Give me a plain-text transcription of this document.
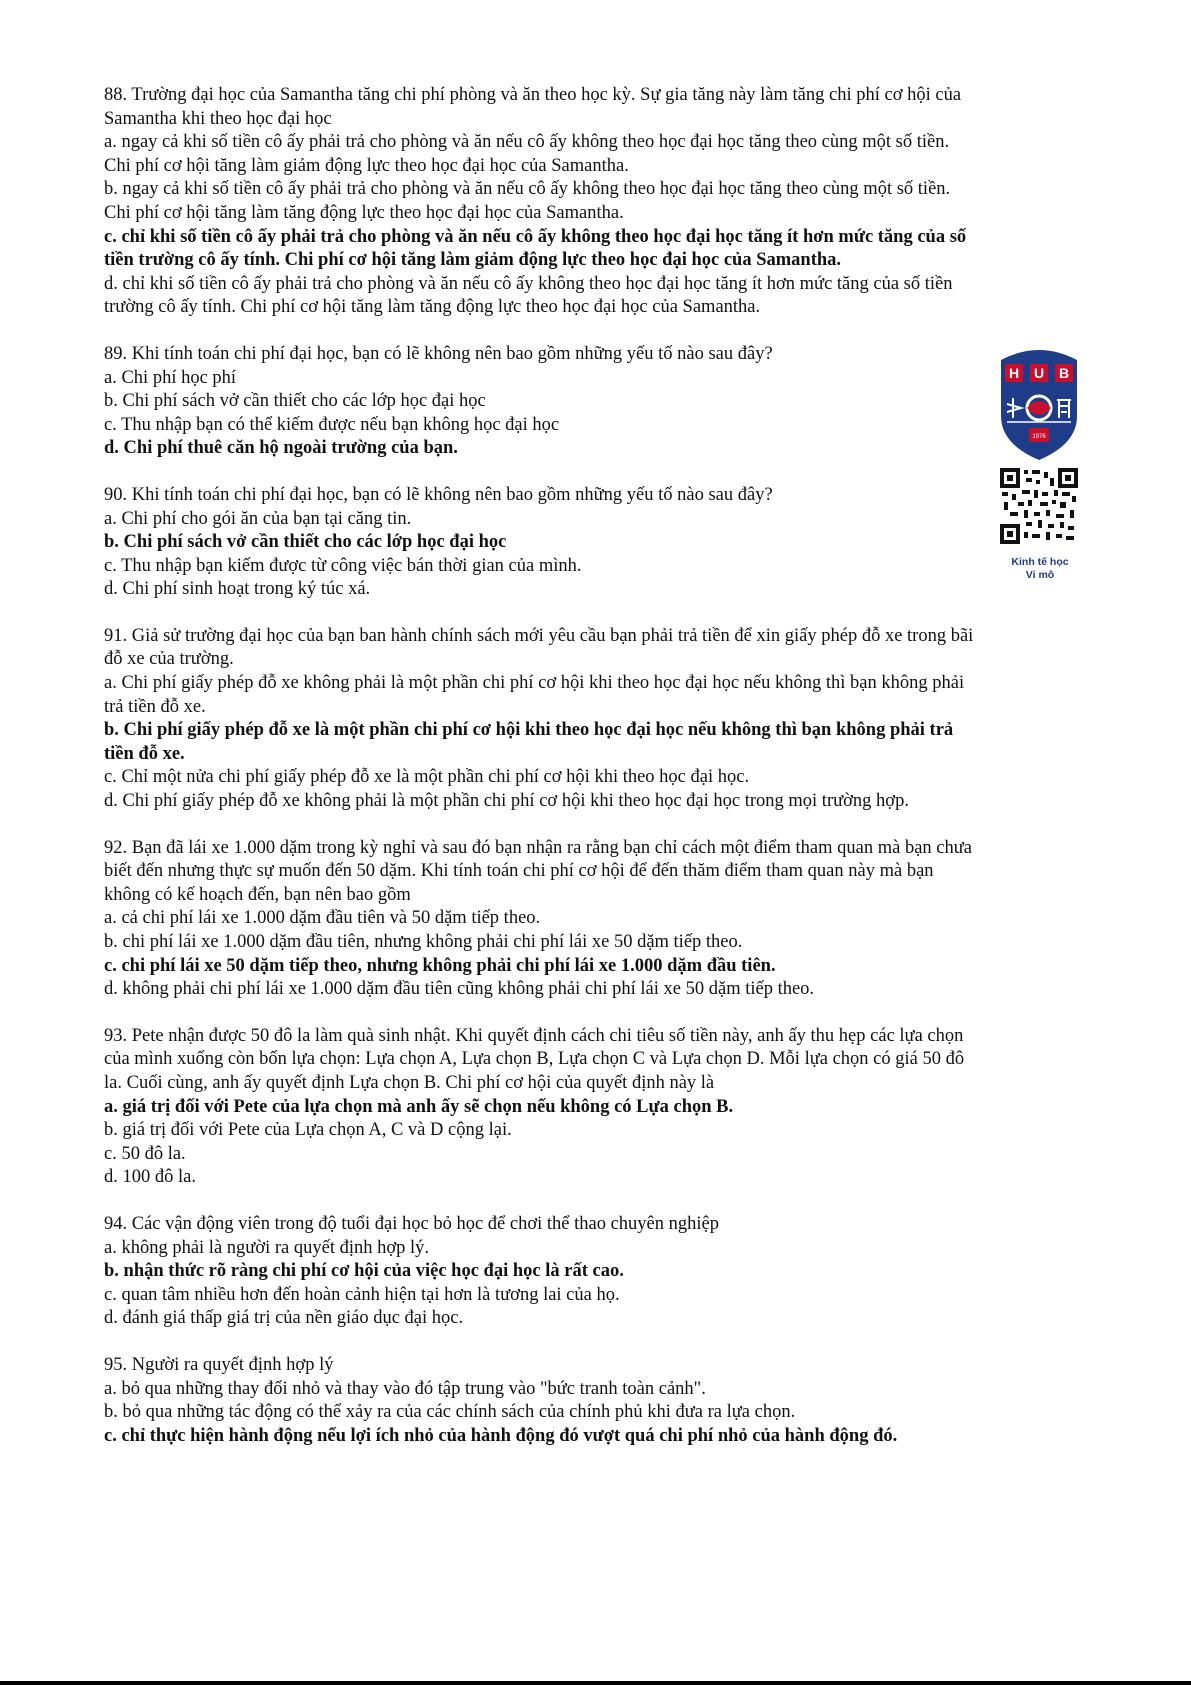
88. Trường đại học của Samantha tăng chi phí phòng và ăn theo học kỳ. Sự gia tăng này làm tăng chi phí cơ hội của
Samantha khi theo học đại học
a. ngay cả khi số tiền cô ấy phải trả cho phòng và ăn nếu cô ấy không theo học đại học tăng theo cùng một số tiền.
Chi phí cơ hội tăng làm giảm động lực theo học đại học của Samantha.
b. ngay cả khi số tiền cô ấy phải trả cho phòng và ăn nếu cô ấy không theo học đại học tăng theo cùng một số tiền.
Chi phí cơ hội tăng làm tăng động lực theo học đại học của Samantha.
c. chỉ khi số tiền cô ấy phải trả cho phòng và ăn nếu cô ấy không theo học đại học tăng ít hơn mức tăng của số
tiền trường cô ấy tính. Chi phí cơ hội tăng làm giảm động lực theo học đại học của Samantha.
d. chỉ khi số tiền cô ấy phải trả cho phòng và ăn nếu cô ấy không theo học đại học tăng ít hơn mức tăng của số tiền
trường cô ấy tính. Chi phí cơ hội tăng làm tăng động lực theo học đại học của Samantha.
89. Khi tính toán chi phí đại học, bạn có lẽ không nên bao gồm những yếu tố nào sau đây?
a. Chi phí học phí
b. Chi phí sách vở cần thiết cho các lớp học đại học
c. Thu nhập bạn có thể kiếm được nếu bạn không học đại học
d. Chi phí thuê căn hộ ngoài trường của bạn.
90. Khi tính toán chi phí đại học, bạn có lẽ không nên bao gồm những yếu tố nào sau đây?
a. Chi phí cho gói ăn của bạn tại căng tin.
b. Chi phí sách vở cần thiết cho các lớp học đại học
c. Thu nhập bạn kiếm được từ công việc bán thời gian của mình.
d. Chi phí sinh hoạt trong ký túc xá.
91. Giả sử trường đại học của bạn ban hành chính sách mới yêu cầu bạn phải trả tiền để xin giấy phép đỗ xe trong bãi
đỗ xe của trường.
a. Chi phí giấy phép đỗ xe không phải là một phần chi phí cơ hội khi theo học đại học nếu không thì bạn không phải
trả tiền đỗ xe.
b. Chi phí giấy phép đỗ xe là một phần chi phí cơ hội khi theo học đại học nếu không thì bạn không phải trả
tiền đỗ xe.
c. Chỉ một nửa chi phí giấy phép đỗ xe là một phần chi phí cơ hội khi theo học đại học.
d. Chi phí giấy phép đỗ xe không phải là một phần chi phí cơ hội khi theo học đại học trong mọi trường hợp.
92. Bạn đã lái xe 1.000 dặm trong kỳ nghỉ và sau đó bạn nhận ra rằng bạn chỉ cách một điểm tham quan mà bạn chưa
biết đến nhưng thực sự muốn đến 50 dặm. Khi tính toán chi phí cơ hội để đến thăm điểm tham quan này mà bạn
không có kế hoạch đến, bạn nên bao gồm
a. cả chi phí lái xe 1.000 dặm đầu tiên và 50 dặm tiếp theo.
b. chi phí lái xe 1.000 dặm đầu tiên, nhưng không phải chi phí lái xe 50 dặm tiếp theo.
c. chi phí lái xe 50 dặm tiếp theo, nhưng không phải chi phí lái xe 1.000 dặm đầu tiên.
d. không phải chi phí lái xe 1.000 dặm đầu tiên cũng không phải chi phí lái xe 50 dặm tiếp theo.
93. Pete nhận được 50 đô la làm quà sinh nhật. Khi quyết định cách chi tiêu số tiền này, anh ấy thu hẹp các lựa chọn
của mình xuống còn bốn lựa chọn: Lựa chọn A, Lựa chọn B, Lựa chọn C và Lựa chọn D. Mỗi lựa chọn có giá 50 đô
la. Cuối cùng, anh ấy quyết định Lựa chọn B. Chi phí cơ hội của quyết định này là
a. giá trị đối với Pete của lựa chọn mà anh ấy sẽ chọn nếu không có Lựa chọn B.
b. giá trị đối với Pete của Lựa chọn A, C và D cộng lại.
c. 50 đô la.
d. 100 đô la.
94. Các vận động viên trong độ tuổi đại học bỏ học để chơi thể thao chuyên nghiệp
a. không phải là người ra quyết định hợp lý.
b. nhận thức rõ ràng chi phí cơ hội của việc học đại học là rất cao.
c. quan tâm nhiều hơn đến hoàn cảnh hiện tại hơn là tương lai của họ.
d. đánh giá thấp giá trị của nền giáo dục đại học.
95. Người ra quyết định hợp lý
a. bỏ qua những thay đổi nhỏ và thay vào đó tập trung vào "bức tranh toàn cảnh".
b. bỏ qua những tác động có thể xảy ra của các chính sách của chính phủ khi đưa ra lựa chọn.
c. chỉ thực hiện hành động nếu lợi ích nhỏ của hành động đó vượt quá chi phí nhỏ của hành động đó.
H U B
1976
Kinh tế học
Vi mô
